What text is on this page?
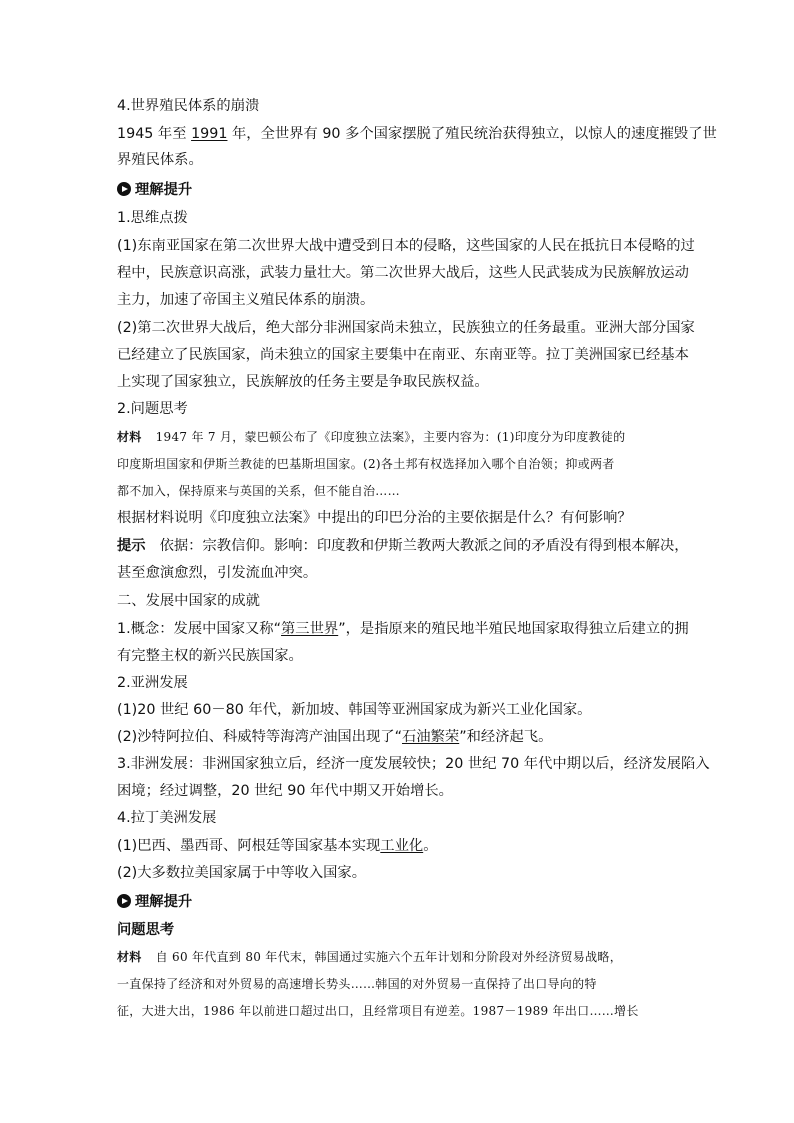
4.世界殖民体系的崩溃
1945 年至 1991 年，全世界有 90 多个国家摆脱了殖民统治获得独立，以惊人的速度摧毁了世
界殖民体系。
理解提升
1.思维点拨
(1)东南亚国家在第二次世界大战中遭受到日本的侵略，这些国家的人民在抵抗日本侵略的过
程中，民族意识高涨，武装力量壮大。第二次世界大战后，这些人民武装成为民族解放运动
主力，加速了帝国主义殖民体系的崩溃。
(2)第二次世界大战后，绝大部分非洲国家尚未独立，民族独立的任务最重。亚洲大部分国家
已经建立了民族国家，尚未独立的国家主要集中在南亚、东南亚等。拉丁美洲国家已经基本
上实现了国家独立，民族解放的任务主要是争取民族权益。
2.问题思考
材料 1947 年 7 月，蒙巴顿公布了《印度独立法案》，主要内容为：(1)印度分为印度教徒的
印度斯坦国家和伊斯兰教徒的巴基斯坦国家。(2)各土邦有权选择加入哪个自治领；抑或两者
都不加入，保持原来与英国的关系，但不能自治……
根据材料说明《印度独立法案》中提出的印巴分治的主要依据是什么？有何影响？
提示 依据：宗教信仰。影响：印度教和伊斯兰教两大教派之间的矛盾没有得到根本解决，
甚至愈演愈烈，引发流血冲突。
二、发展中国家的成就
1.概念：发展中国家又称“第三世界”，是指原来的殖民地半殖民地国家取得独立后建立的拥
有完整主权的新兴民族国家。
2.亚洲发展
(1)20 世纪 60－80 年代，新加坡、韩国等亚洲国家成为新兴工业化国家。
(2)沙特阿拉伯、科威特等海湾产油国出现了“石油繁荣”和经济起飞。
3.非洲发展：非洲国家独立后，经济一度发展较快；20 世纪 70 年代中期以后，经济发展陷入
困境；经过调整，20 世纪 90 年代中期又开始增长。
4.拉丁美洲发展
(1)巴西、墨西哥、阿根廷等国家基本实现工业化。
(2)大多数拉美国家属于中等收入国家。
理解提升
问题思考
材料 自 60 年代直到 80 年代末，韩国通过实施六个五年计划和分阶段对外经济贸易战略，
一直保持了经济和对外贸易的高速增长势头……韩国的对外贸易一直保持了出口导向的特
征，大进大出，1986 年以前进口超过出口，且经常项目有逆差。1987－1989 年出口……增长
